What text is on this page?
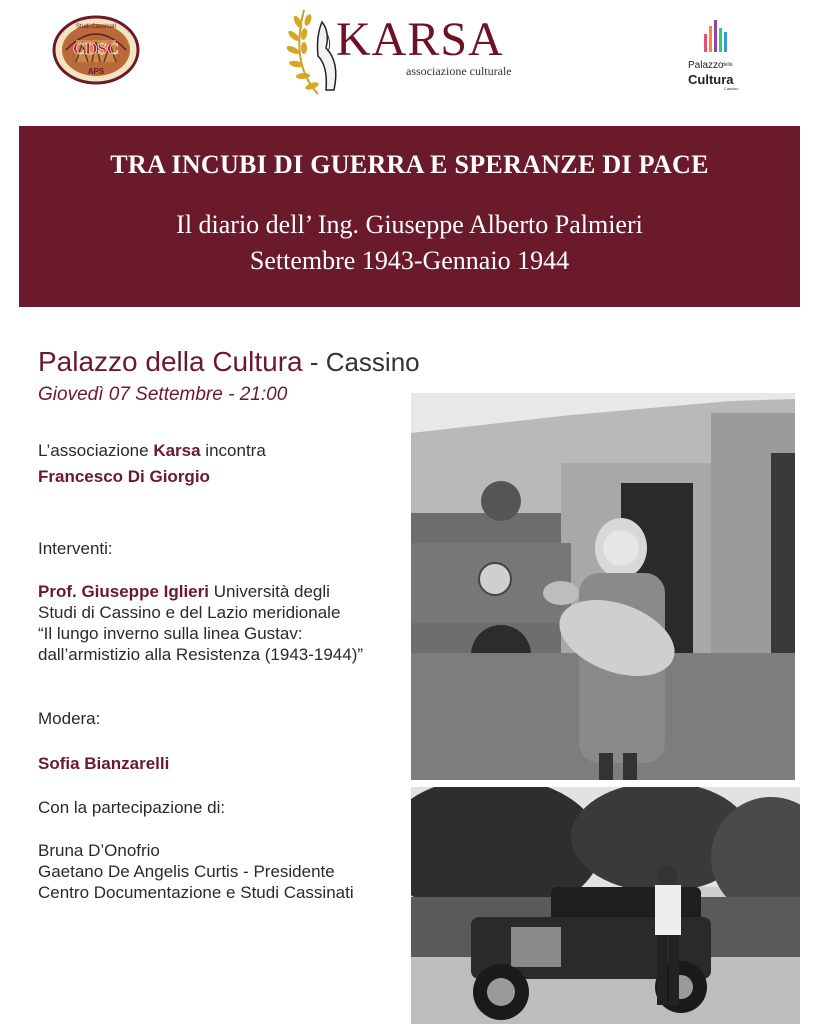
Studi Cassinati
CDSC
APS
KARSA
associazione culturale	Palazzo
della
Cultura
Cassino
TRA INCUBI DI GUERRA E SPERANZE DI PACE
Il diario dell’ Ing. Giuseppe Alberto Palmieri
Settembre 1943-Gennaio 1944
Palazzo della Cultura - Cassino
Giovedì 07 Settembre - 21:00
L’associazione Karsa incontra
Francesco Di Giorgio
Interventi:
Prof. Giuseppe Iglieri Università degli
Studi di Cassino e del Lazio meridionale
“Il lungo inverno sulla linea Gustav:
dall’armistizio alla Resistenza (1943-1944)”
Modera:
Sofia Bianzarelli
Con la partecipazione di:
Bruna D’Onofrio
Gaetano De Angelis Curtis - Presidente
Centro Documentazione e Studi Cassinati
